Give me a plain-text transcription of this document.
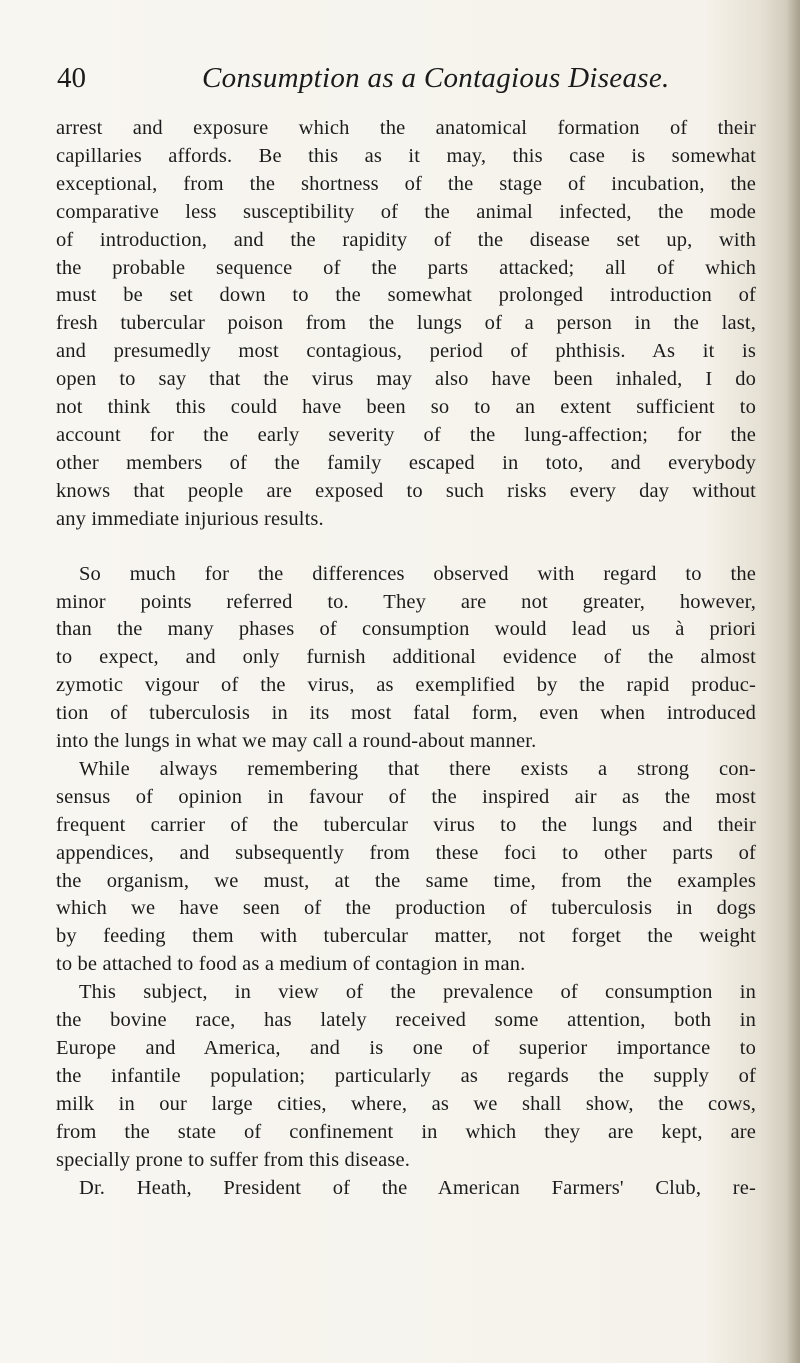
40	Consumption as a Contagious Disease.

arrest and exposure which the anatomical formation of their
capillaries affords. Be this as it may, this case is somewhat
exceptional, from the shortness of the stage of incubation, the
comparative less susceptibility of the animal infected, the mode
of introduction, and the rapidity of the disease set up, with
the probable sequence of the parts attacked; all of which
must be set down to the somewhat prolonged introduction of
fresh tubercular poison from the lungs of a person in the last,
and presumedly most contagious, period of phthisis. As it is
open to say that the virus may also have been inhaled, I do
not think this could have been so to an extent sufficient to
account for the early severity of the lung-affection; for the
other members of the family escaped in toto, and everybody
knows that people are exposed to such risks every day without
any immediate injurious results.

So much for the differences observed with regard to the
minor points referred to. They are not greater, however,
than the many phases of consumption would lead us à priori
to expect, and only furnish additional evidence of the almost
zymotic vigour of the virus, as exemplified by the rapid produc-
tion of tuberculosis in its most fatal form, even when introduced
into the lungs in what we may call a round-about manner.

While always remembering that there exists a strong con-
sensus of opinion in favour of the inspired air as the most
frequent carrier of the tubercular virus to the lungs and their
appendices, and subsequently from these foci to other parts of
the organism, we must, at the same time, from the examples
which we have seen of the production of tuberculosis in dogs
by feeding them with tubercular matter, not forget the weight
to be attached to food as a medium of contagion in man.

This subject, in view of the prevalence of consumption in
the bovine race, has lately received some attention, both in
Europe and America, and is one of superior importance to
the infantile population; particularly as regards the supply of
milk in our large cities, where, as we shall show, the cows,
from the state of confinement in which they are kept, are
specially prone to suffer from this disease.

Dr. Heath, President of the American Farmers' Club, re-
